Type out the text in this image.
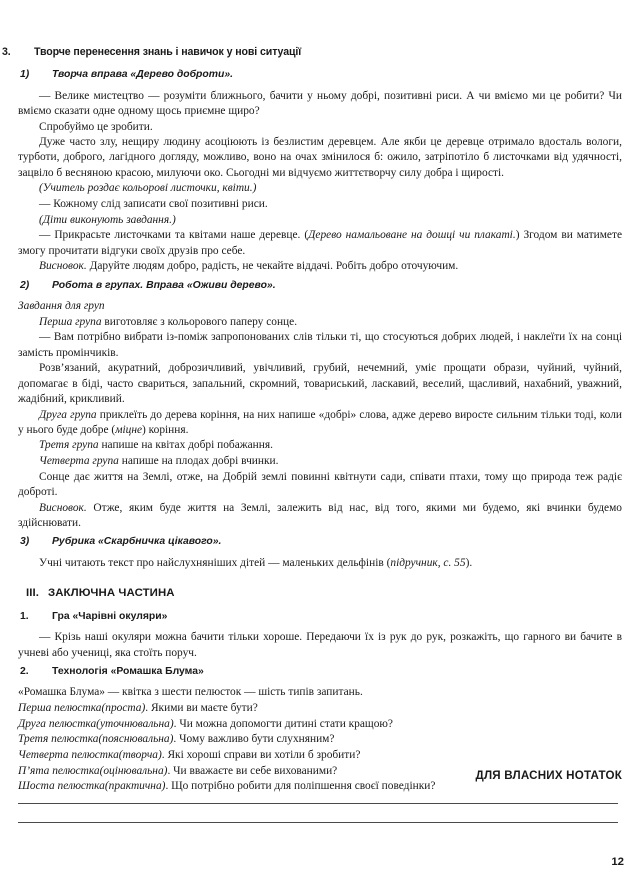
3. Творче перенесення знань і навичок у нові ситуації
1) Творча вправа «Дерево доброти».

— Велике мистецтво — розуміти ближнього, бачити у ньому добрі, позитивні риси. А чи вміємо ми це робити? Чи вміємо сказати одне одному щось приємне щиро?

Спробуймо це зробити.

Дуже часто злу, нещиру людину асоціюють із безлистим деревцем. Але якби це деревце отримало вдосталь вологи, турботи, доброго, лагідного догляду, можливо, воно на очах змінилося б: ожило, затріпотіло б листочками від удячності, зацвіло б весняною красою, милуючи око. Сьогодні ми відчуємо життєтворчу силу добра і щирості.

(Учитель роздає кольорові листочки, квіти.)

— Кожному слід записати свої позитивні риси.

(Діти виконують завдання.)

— Прикрасьте листочками та квітами наше деревце. (Дерево намальоване на дошці чи плакаті.) Згодом ви матимете змогу прочитати відгуки своїх друзів про себе.

Висновок. Даруйте людям добро, радість, не чекайте віддачі. Робіть добро оточуючим.

2) Робота в групах. Вправа «Оживи дерево».

Завдання для груп

Перша група виготовляє з кольорового паперу сонце.

— Вам потрібно вибрати із-поміж запропонованих слів тільки ті, що стосуються добрих людей, і наклеїти їх на сонці замість промінчиків.

Розв’язаний, акуратний, доброзичливий, увічливий, грубий, нечемний, уміє прощати образи, чуйний, чуйний, допомагає в біді, часто свариться, запальний, скромний, товариський, ласкавий, веселий, щасливий, нахабний, уважний, жадібний, крикливий.

Друга група приклеїть до дерева коріння, на них напише «добрі» слова, адже дерево виросте сильним тільки тоді, коли у нього буде добре (міцне) коріння.

Третя група напише на квітах добрі побажання.

Четверта група напише на плодах добрі вчинки.

Сонце дає життя на Землі, отже, на Добрій землі повинні квітнути сади, співати птахи, тому що природа теж радіє доброті.

Висновок. Отже, яким буде життя на Землі, залежить від нас, від того, якими ми будемо, які вчинки будемо здійснювати.

3) Рубрика «Скарбничка цікавого».

Учні читають текст про найслухняніших дітей — маленьких дельфінів (підручник, с. 55).

III. ЗАКЛЮЧНА ЧАСТИНА
1. Гра «Чарівні окуляри»

— Крізь наші окуляри можна бачити тільки хороше. Передаючи їх із рук до рук, розкажіть, що гарного ви бачите в учневі або учениці, яка стоїть поруч.

2. Технологія «Ромашка Блума»

«Ромашка Блума» — квітка з шести пелюсток — шість типів запитань.

Перша пелюстка(проста). Якими ви маєте бути?

Друга пелюстка(уточнювальна). Чи можна допомогти дитині стати кращою?

Третя пелюстка(пояснювальна). Чому важливо бути слухняним?

Четверта пелюстка(творча). Які хороші справи ви хотіли б зробити?

П’ята пелюстка(оцінювальна). Чи вважаєте ви себе вихованими?

Шоста пелюстка(практична). Що потрібно робити для поліпшення своєї поведінки?

ДЛЯ ВЛАСНИХ НОТАТОК
12
